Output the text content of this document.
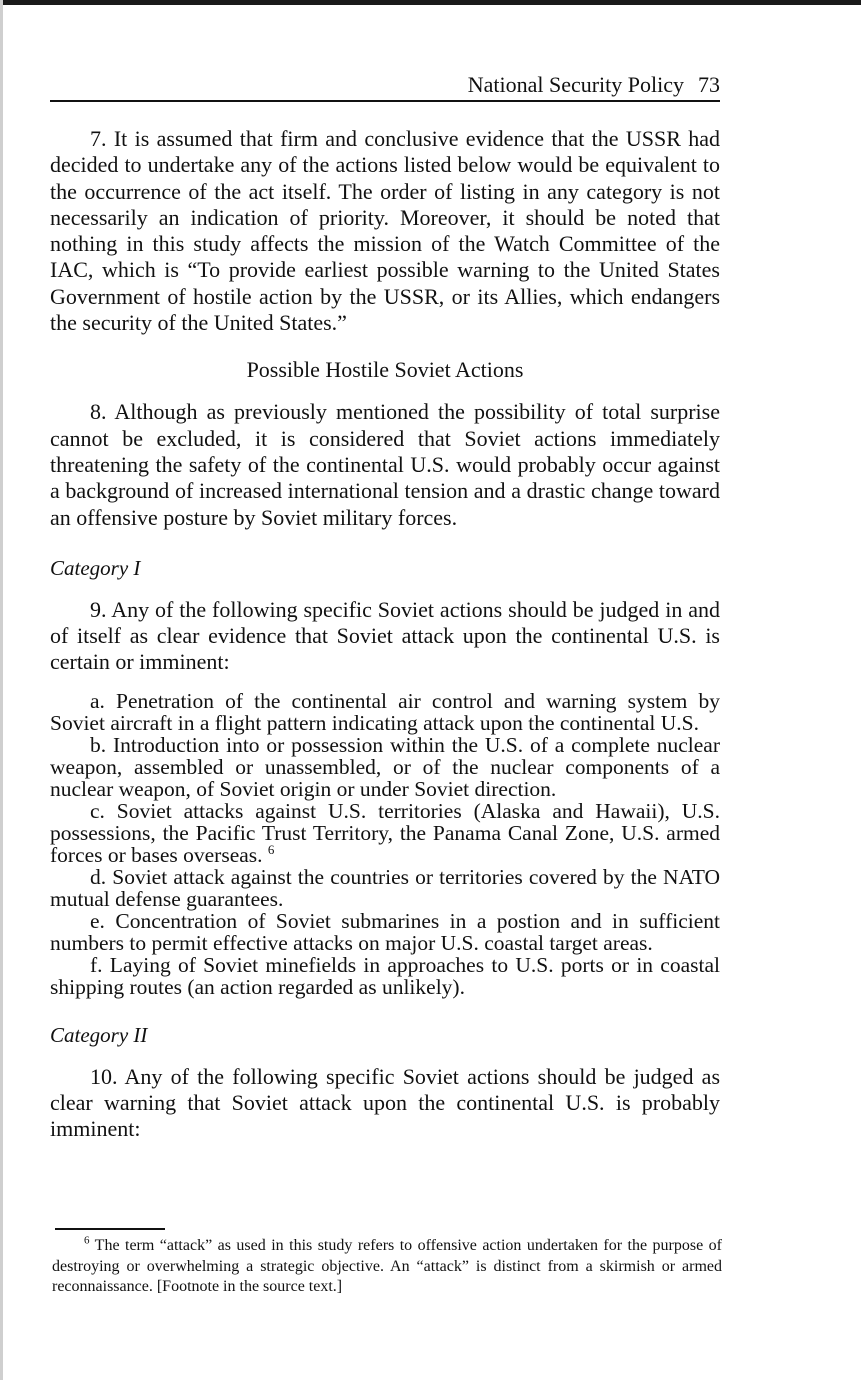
National Security Policy 73

7. It is assumed that firm and conclusive evidence that the USSR had decided to undertake any of the actions listed below would be equivalent to the occurrence of the act itself. The order of listing in any category is not necessarily an indication of priority. Moreover, it should be noted that nothing in this study affects the mission of the Watch Committee of the IAC, which is “To provide earliest possible warning to the United States Government of hostile action by the USSR, or its Allies, which endangers the security of the United States.”

Possible Hostile Soviet Actions

8. Although as previously mentioned the possibility of total surprise cannot be excluded, it is considered that Soviet actions immediately threatening the safety of the continental U.S. would probably occur against a background of increased international tension and a drastic change toward an offensive posture by Soviet military forces.

Category I

9. Any of the following specific Soviet actions should be judged in and of itself as clear evidence that Soviet attack upon the continental U.S. is certain or imminent:

a. Penetration of the continental air control and warning system by Soviet aircraft in a flight pattern indicating attack upon the continental U.S.

b. Introduction into or possession within the U.S. of a complete nuclear weapon, assembled or unassembled, or of the nuclear components of a nuclear weapon, of Soviet origin or under Soviet direction.

c. Soviet attacks against U.S. territories (Alaska and Hawaii), U.S. possessions, the Pacific Trust Territory, the Panama Canal Zone, U.S. armed forces or bases overseas. $^6$

d. Soviet attack against the countries or territories covered by the NATO mutual defense guarantees.

e. Concentration of Soviet submarines in a postion and in sufficient numbers to permit effective attacks on major U.S. coastal target areas.

f. Laying of Soviet minefields in approaches to U.S. ports or in coastal shipping routes (an action regarded as unlikely).

Category II

10. Any of the following specific Soviet actions should be judged as clear warning that Soviet attack upon the continental U.S. is probably imminent:

$^6$ The term “attack” as used in this study refers to offensive action undertaken for the purpose of destroying or overwhelming a strategic objective. An “attack” is distinct from a skirmish or armed reconnaissance. [Footnote in the source text.]
